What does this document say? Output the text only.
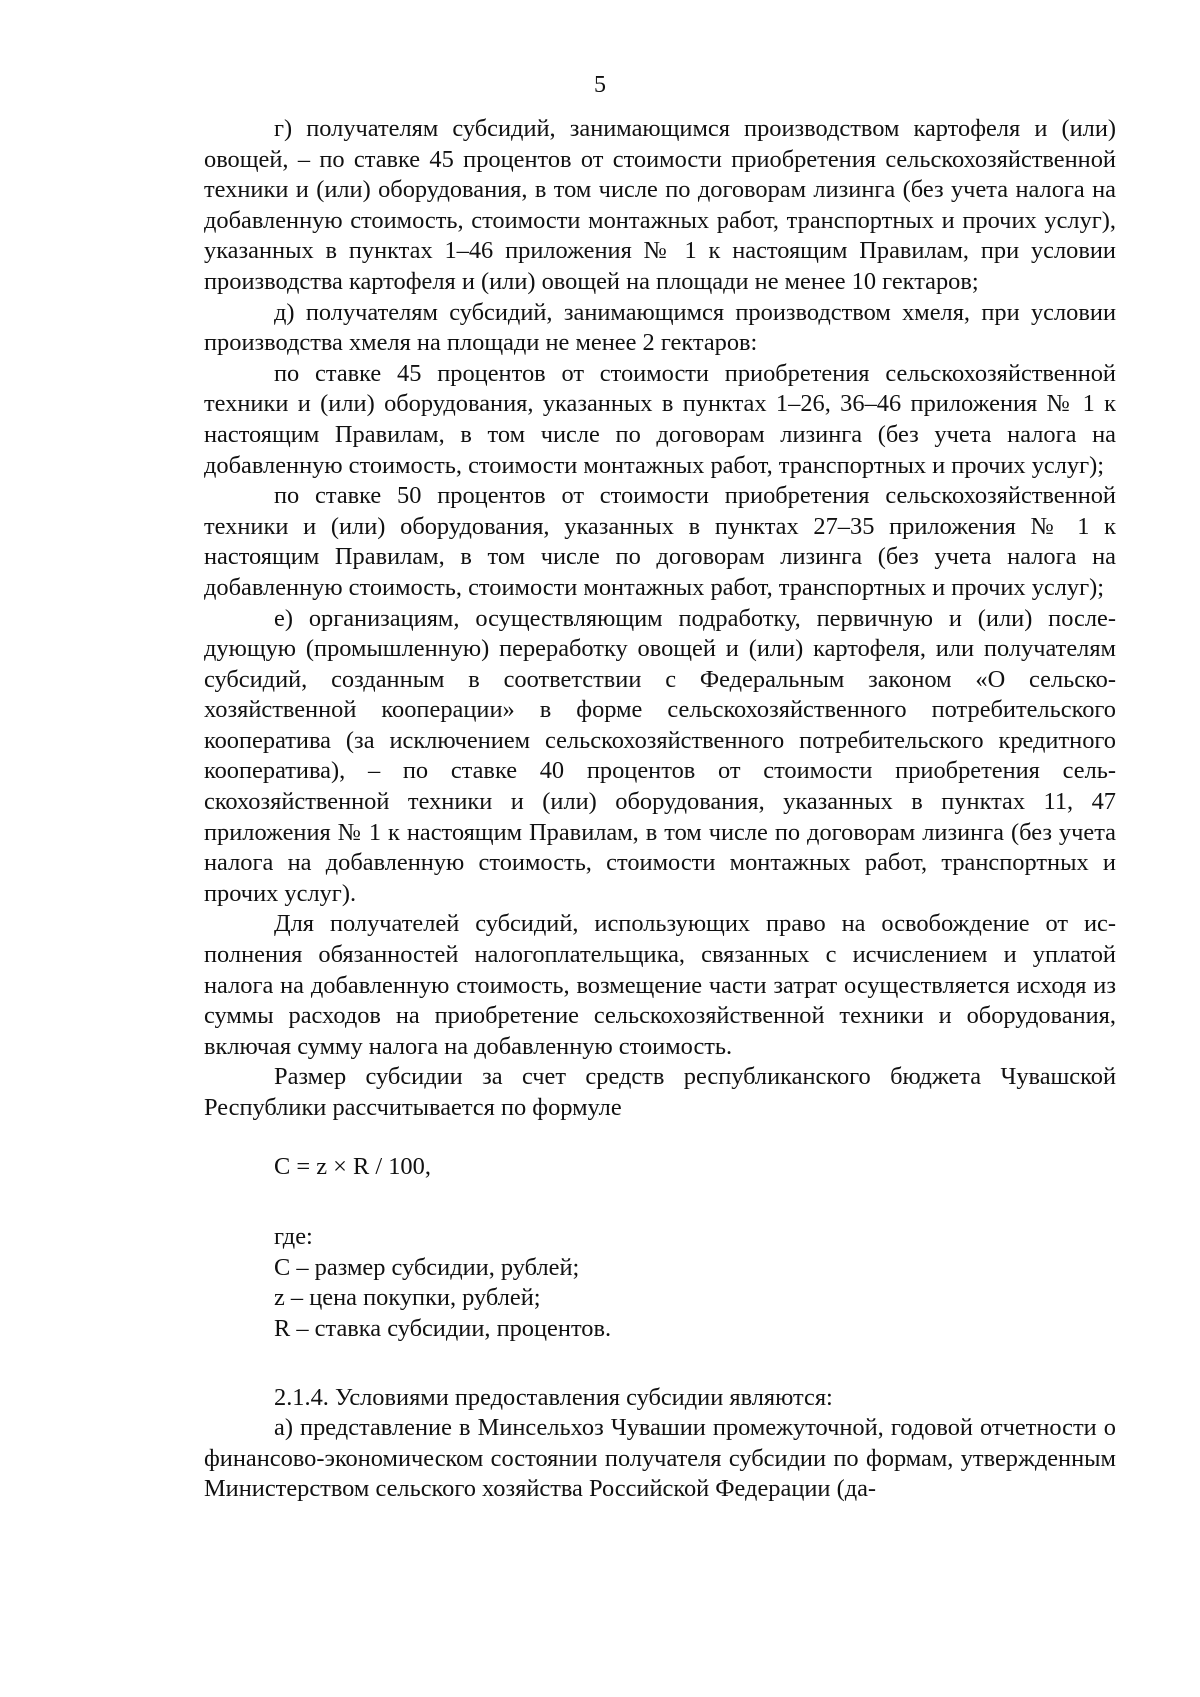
5

г) получателям субсидий, занимающимся производством картофеля и (или) овощей, – по ставке 45 процентов от стоимости приобретения сельскохозяйственной техники и (или) оборудования, в том числе по договорам лизинга (без учета налога на добавленную стоимость, стоимости монтажных работ, транспортных и прочих услуг), указанных в пунктах 1–46 приложения № 1 к настоящим Правилам, при условии производства картофеля и (или) овощей на площади не менее 10 гектаров;

д) получателям субсидий, занимающимся производством хмеля, при условии производства хмеля на площади не менее 2 гектаров:

по ставке 45 процентов от стоимости приобретения сельскохозяйственной техники и (или) оборудования, указанных в пунктах 1–26, 36–46 приложения № 1 к настоящим Правилам, в том числе по договорам лизинга (без учета налога на добавленную стоимость, стоимости монтажных работ, транспортных и прочих услуг);

по ставке 50 процентов от стоимости приобретения сельскохозяйственной техники и (или) оборудования, указанных в пунктах 27–35 приложения № 1 к настоящим Правилам, в том числе по договорам лизинга (без учета налога на добавленную стоимость, стоимости монтажных работ, транспортных и прочих услуг);

е) организациям, осуществляющим подработку, первичную и (или) последующую (промышленную) переработку овощей и (или) картофеля, или получателям субсидий, созданным в соответствии с Федеральным законом «О сельскохозяйственной кооперации» в форме сельскохозяйственного потребительского кооператива (за исключением сельскохозяйственного потребительского кредитного кооператива), – по ставке 40 процентов от стоимости приобретения сельскохозяйственной техники и (или) оборудования, указанных в пунктах 11, 47 приложения № 1 к настоящим Правилам, в том числе по договорам лизинга (без учета налога на добавленную стоимость, стоимости монтажных работ, транспортных и прочих услуг).

Для получателей субсидий, использующих право на освобождение от исполнения обязанностей налогоплательщика, связанных с исчислением и уплатой налога на добавленную стоимость, возмещение части затрат осуществляется исходя из суммы расходов на приобретение сельскохозяйственной техники и оборудования, включая сумму налога на добавленную стоимость.

Размер субсидии за счет средств республиканского бюджета Чувашской Республики рассчитывается по формуле

C = z × R / 100,
где:
C – размер субсидии, рублей;
z – цена покупки, рублей;
R – ставка субсидии, процентов.

2.1.4. Условиями предоставления субсидии являются:

а) представление в Минсельхоз Чувашии промежуточной, годовой отчетности о финансово-экономическом состоянии получателя субсидии по формам, утвержденным Министерством сельского хозяйства Российской Федерации (да-
